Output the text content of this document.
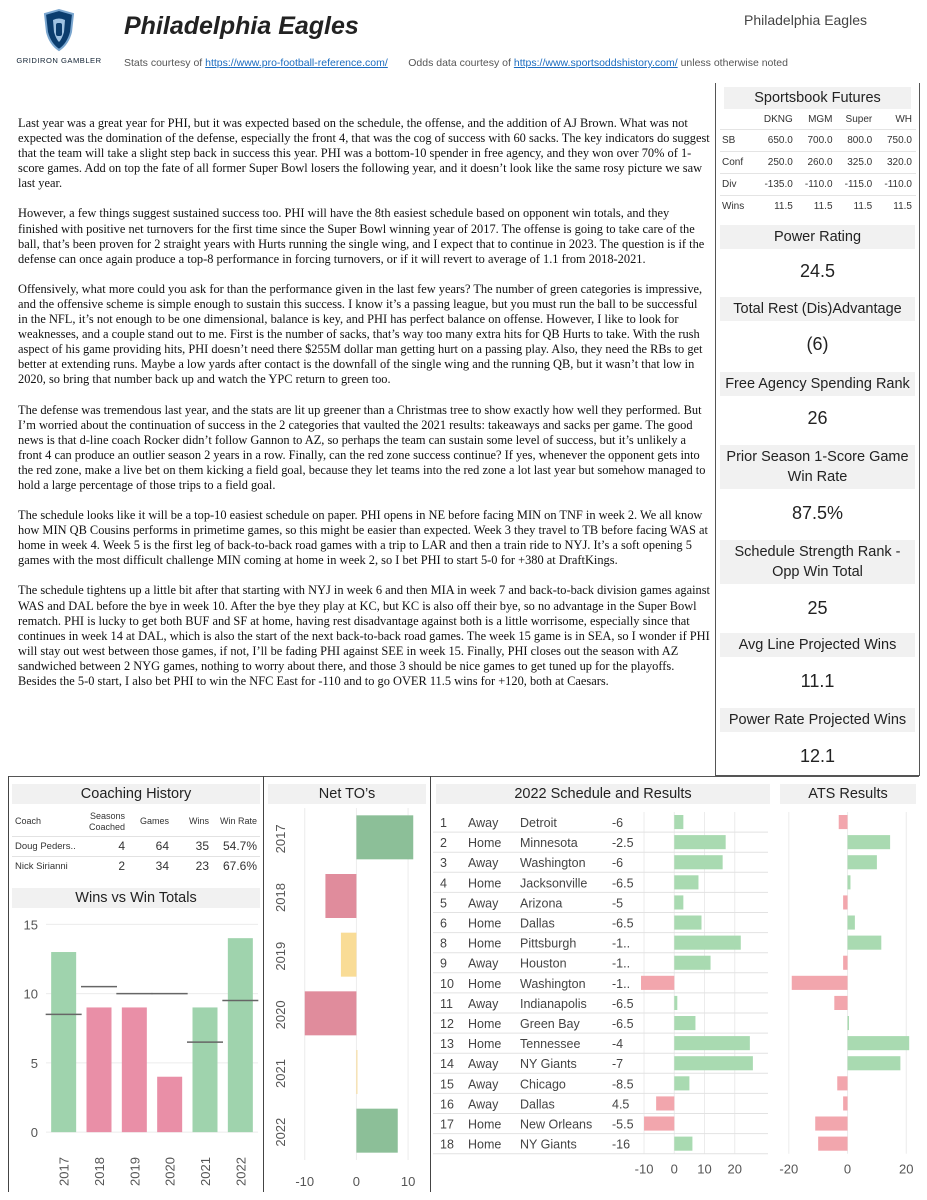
GRIDIRON GAMBLER
Philadelphia Eagles	Philadelphia Eagles
Stats courtesy of https://www.pro-football-reference.com/ Odds data courtesy of https://www.sportsoddshistory.com/ unless otherwise noted

Last year was a great year for PHI, but it was expected based on the schedule, the offense, and the addition of AJ Brown. What was not expected was the domination of the defense, especially the front 4, that was the cog of success with 60 sacks. The key indicators do suggest that the team will take a slight step back in success this year. PHI was a bottom-10 spender in free agency, and they won over 70% of 1-score games. Add on top the fate of all former Super Bowl losers the following year, and it doesn’t look like the same rosy picture we saw last year.

However, a few things suggest sustained success too. PHI will have the 8th easiest schedule based on opponent win totals, and they finished with positive net turnovers for the first time since the Super Bowl winning year of 2017. The offense is going to take care of the ball, that’s been proven for 2 straight years with Hurts running the single wing, and I expect that to continue in 2023. The question is if the defense can once again produce a top-8 performance in forcing turnovers, or if it will revert to average of 1.1 from 2018-2021.

Offensively, what more could you ask for than the performance given in the last few years? The number of green categories is impressive, and the offensive scheme is simple enough to sustain this success. I know it’s a passing league, but you must run the ball to be successful in the NFL, it’s not enough to be one dimensional, balance is key, and PHI has perfect balance on offense. However, I like to look for weaknesses, and a couple stand out to me. First is the number of sacks, that’s way too many extra hits for QB Hurts to take. With the rush aspect of his game providing hits, PHI doesn’t need there $255M dollar man getting hurt on a passing play. Also, they need the RBs to get better at extending runs. Maybe a low yards after contact is the downfall of the single wing and the running QB, but it wasn’t that low in 2020, so bring that number back up and watch the YPC return to green too.

The defense was tremendous last year, and the stats are lit up greener than a Christmas tree to show exactly how well they performed. But I’m worried about the continuation of success in the 2 categories that vaulted the 2021 results: takeaways and sacks per game. The good news is that d-line coach Rocker didn’t follow Gannon to AZ, so perhaps the team can sustain some level of success, but it’s unlikely a front 4 can produce an outlier season 2 years in a row. Finally, can the red zone success continue? If yes, whenever the opponent gets into the red zone, make a live bet on them kicking a field goal, because they let teams into the red zone a lot last year but somehow managed to hold a large percentage of those trips to a field goal.

The schedule looks like it will be a top-10 easiest schedule on paper. PHI opens in NE before facing MIN on TNF in week 2. We all know how MIN QB Cousins performs in primetime games, so this might be easier than expected. Week 3 they travel to TB before facing WAS at home in week 4. Week 5 is the first leg of back-to-back road games with a trip to LAR and then a train ride to NYJ. It’s a soft opening 5 games with the most difficult challenge MIN coming at home in week 2, so I bet PHI to start 5-0 for +380 at DraftKings.

The schedule tightens up a little bit after that starting with NYJ in week 6 and then MIA in week 7 and back-to-back division games against WAS and DAL before the bye in week 10. After the bye they play at KC, but KC is also off their bye, so no advantage in the Super Bowl rematch. PHI is lucky to get both BUF and SF at home, having rest disadvantage against both is a little worrisome, especially since that continues in week 14 at DAL, which is also the start of the next back-to-back road games. The week 15 game is in SEA, so I wonder if PHI will stay out west between those games, if not, I’ll be fading PHI against SEE in week 15. Finally, PHI closes out the season with AZ sandwiched between 2 NYG games, nothing to worry about there, and those 3 should be nice games to get tuned up for the playoffs. Besides the 5-0 start, I also bet PHI to win the NFC East for -110 and to go OVER 11.5 wins for +120, both at Caesars.

Sportsbook Futures
	DKNG	MGM	Super	WH
SB	650.0	700.0	800.0	750.0
Conf	250.0	260.0	325.0	320.0
Div	-135.0	-110.0	-115.0	-110.0
Wins	11.5	11.5	11.5	11.5
Power Rating
24.5
Total Rest (Dis)Advantage
(6)
Free Agency Spending Rank
26
Prior Season 1-Score Game Win Rate
87.5%
Schedule Strength Rank - Opp Win Total
25
Avg Line Projected Wins
11.1
Power Rate Projected Wins
12.1
Coaching History
Coach	Seasons Coached	Games	Wins	Win Rate
Doug Peders..	4	64	35	54.7%
Nick Sirianni	2	34	23	67.6%
Wins vs Win Totals
0
5
10
15
2017 2018 2019 2020 2021 2022
Net TO’s
-10	0	10
2017
2018
2019
2020
2021
2022
2022 Schedule and Results
-10 0 10 20
1 Away Detroit	-6
2 Home Minnesota	-2.5
3 Away Washington -6
4 Home Jacksonville -6.5
5 Away Arizona	-5
6 Home Dallas	-6.5
8 Home Pittsburgh	-1..
9 Away Houston	-1..
10 Home Washington -1..
11 Away Indianapolis -6.5
12 Home Green Bay	-6.5
13 Home Tennessee	-4
14 Away NY Giants	-7
15 Away Chicago	-8.5
16 Away Dallas	4.5
17 Home New Orleans -5.5
18 Home NY Giants	-16
ATS Results
-20	0	20
